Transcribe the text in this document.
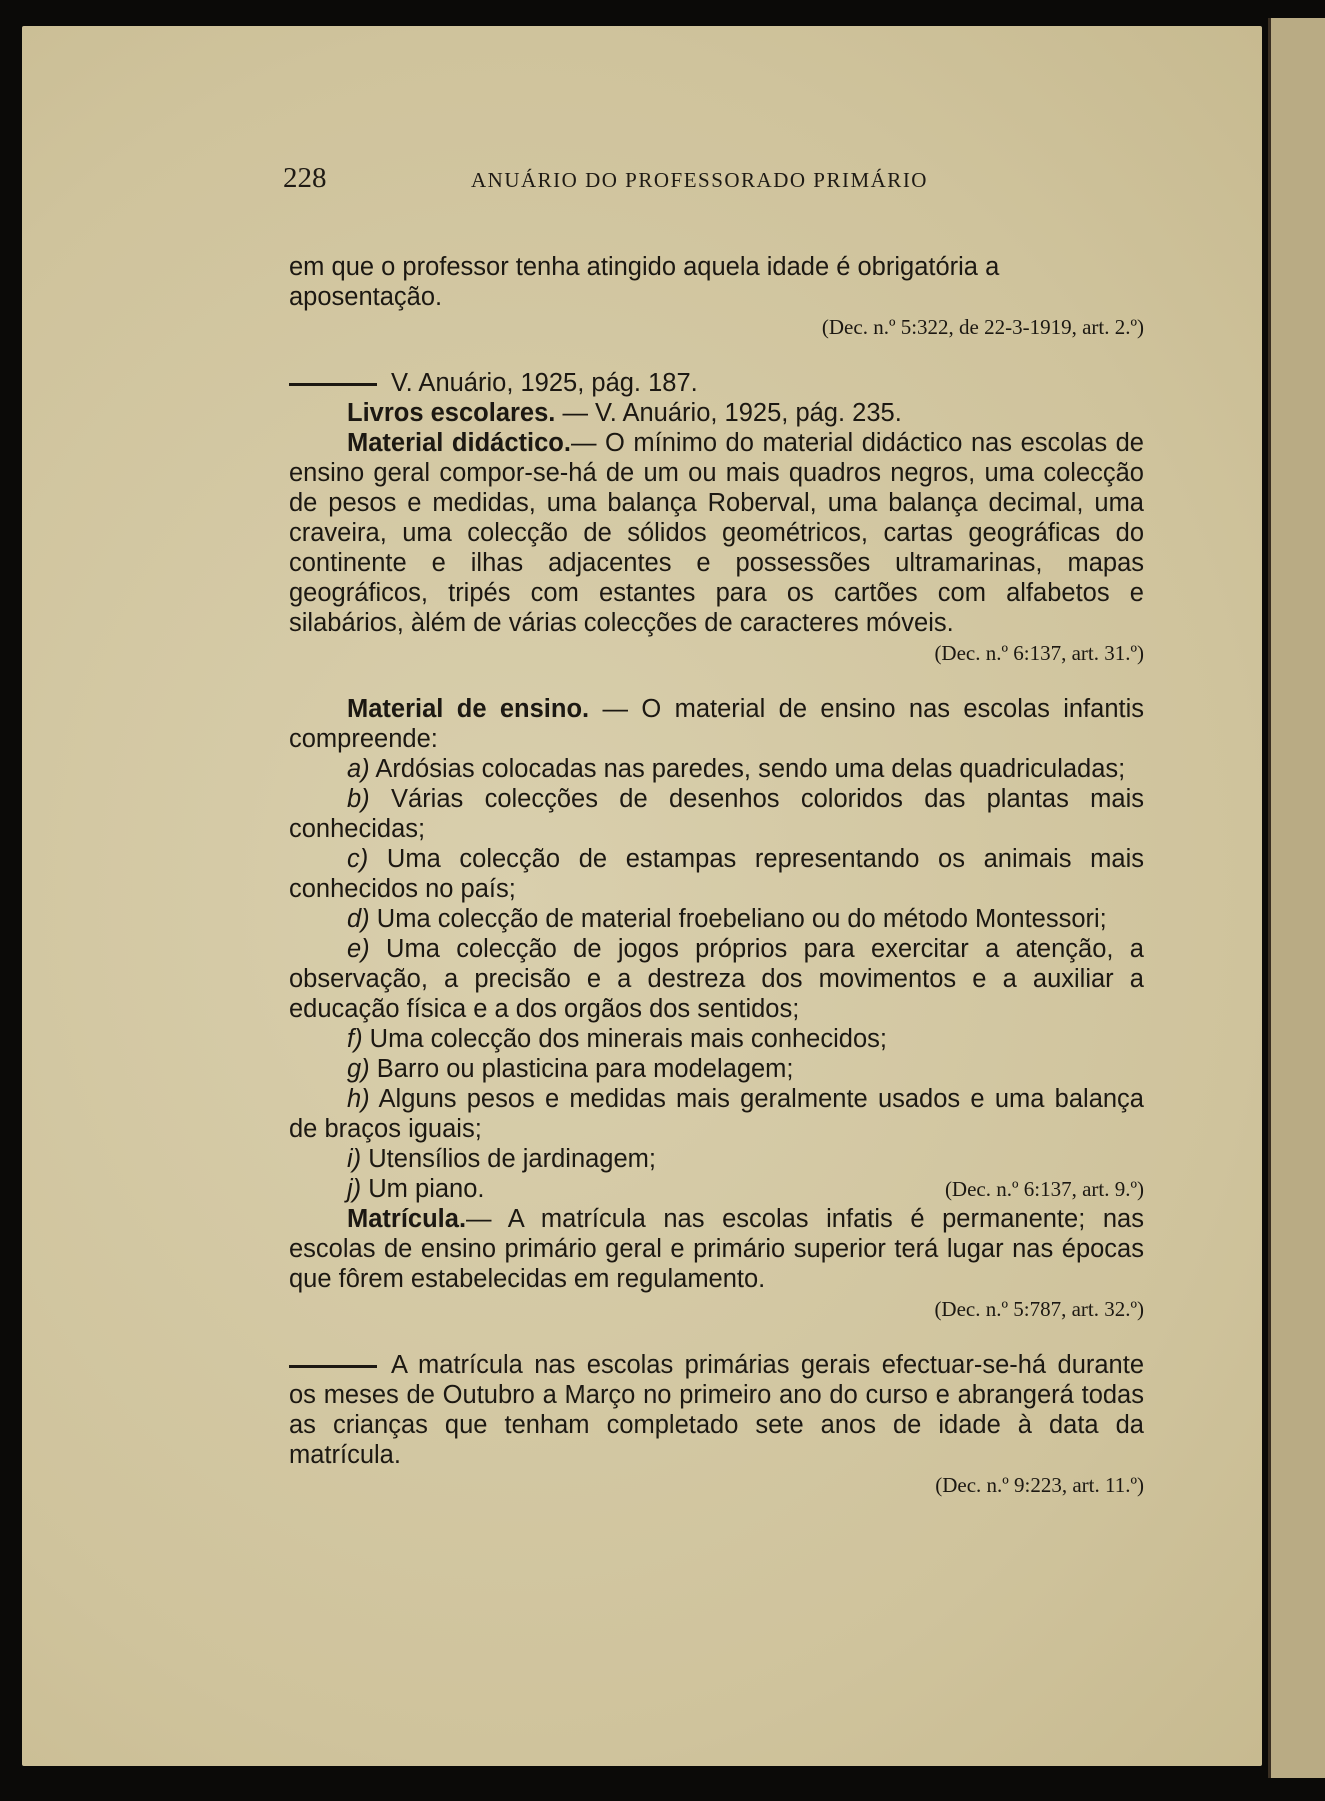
228	ANUÁRIO DO PROFESSORADO PRIMÁRIO

em que o professor tenha atingido aquela idade é obrigatória a aposentação.

(Dec. n.º 5:322, de 22-3-1919, art. 2.º)

V. Anuário, 1925, pág. 187.

Livros escolares. — V. Anuário, 1925, pág. 235.

Material didáctico.— O mínimo do material didáctico nas escolas de ensino geral compor-se-há de um ou mais quadros negros, uma colecção de pesos e medidas, uma balança Roberval, uma balança decimal, uma craveira, uma colecção de sólidos geométricos, cartas geográficas do continente e ilhas adjacentes e possessões ultramarinas, mapas geográficos, tripés com estantes para os cartões com alfabetos e silabários, àlém de várias colecções de caracteres móveis.

(Dec. n.º 6:137, art. 31.º)

Material de ensino. — O material de ensino nas escolas infantis compreende:

a) Ardósias colocadas nas paredes, sendo uma delas quadriculadas;

b) Várias colecções de desenhos coloridos das plantas mais conhecidas;

c) Uma colecção de estampas representando os animais mais conhecidos no país;

d) Uma colecção de material froebeliano ou do método Montessori;

e) Uma colecção de jogos próprios para exercitar a atenção, a observação, a precisão e a destreza dos movimentos e a auxiliar a educação física e a dos orgãos dos sentidos;

f) Uma colecção dos minerais mais conhecidos;

g) Barro ou plasticina para modelagem;

h) Alguns pesos e medidas mais geralmente usados e uma balança de braços iguais;

i) Utensílios de jardinagem;

j) Um piano.	(Dec. n.º 6:137, art. 9.º)

Matrícula.— A matrícula nas escolas infatis é permanente; nas escolas de ensino primário geral e primário superior terá lugar nas épocas que fôrem estabelecidas em regulamento.

(Dec. n.º 5:787, art. 32.º)

A matrícula nas escolas primárias gerais efectuar-se-há durante os meses de Outubro a Março no primeiro ano do curso e abrangerá todas as crianças que tenham completado sete anos de idade à data da matrícula.

(Dec. n.º 9:223, art. 11.º)
